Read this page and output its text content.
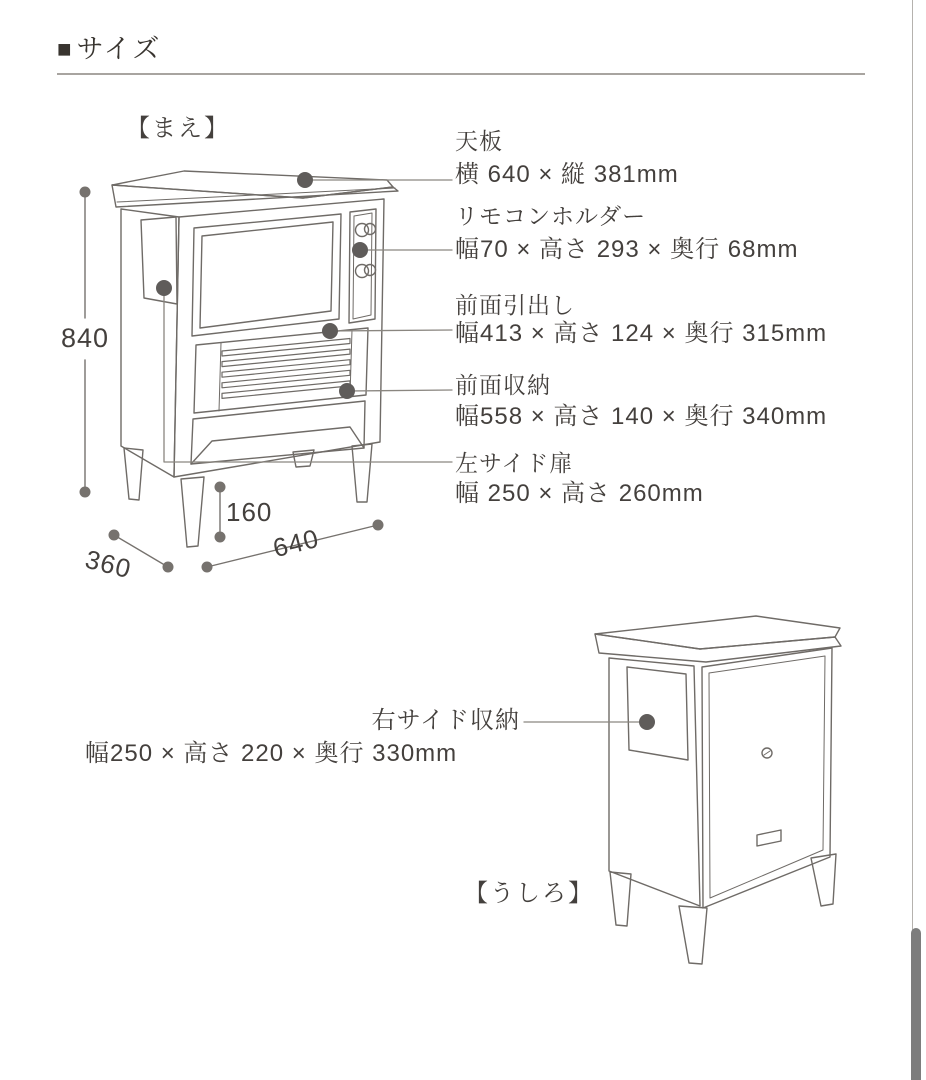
■ サイズ
【まえ】	天板
横 640 × 縦 381mm
リモコンホルダー
幅70 × 高さ 293 × 奥行 68mm
前面引出し
幅413 × 高さ 124 × 奥行 315mm
前面収納
幅558 × 高さ 140 × 奥行 340mm
左サイド扉
幅 250 × 高さ 260mm
840
160
640
360
右サイド収納
幅250 × 高さ 220 × 奥行 330mm
【うしろ】
